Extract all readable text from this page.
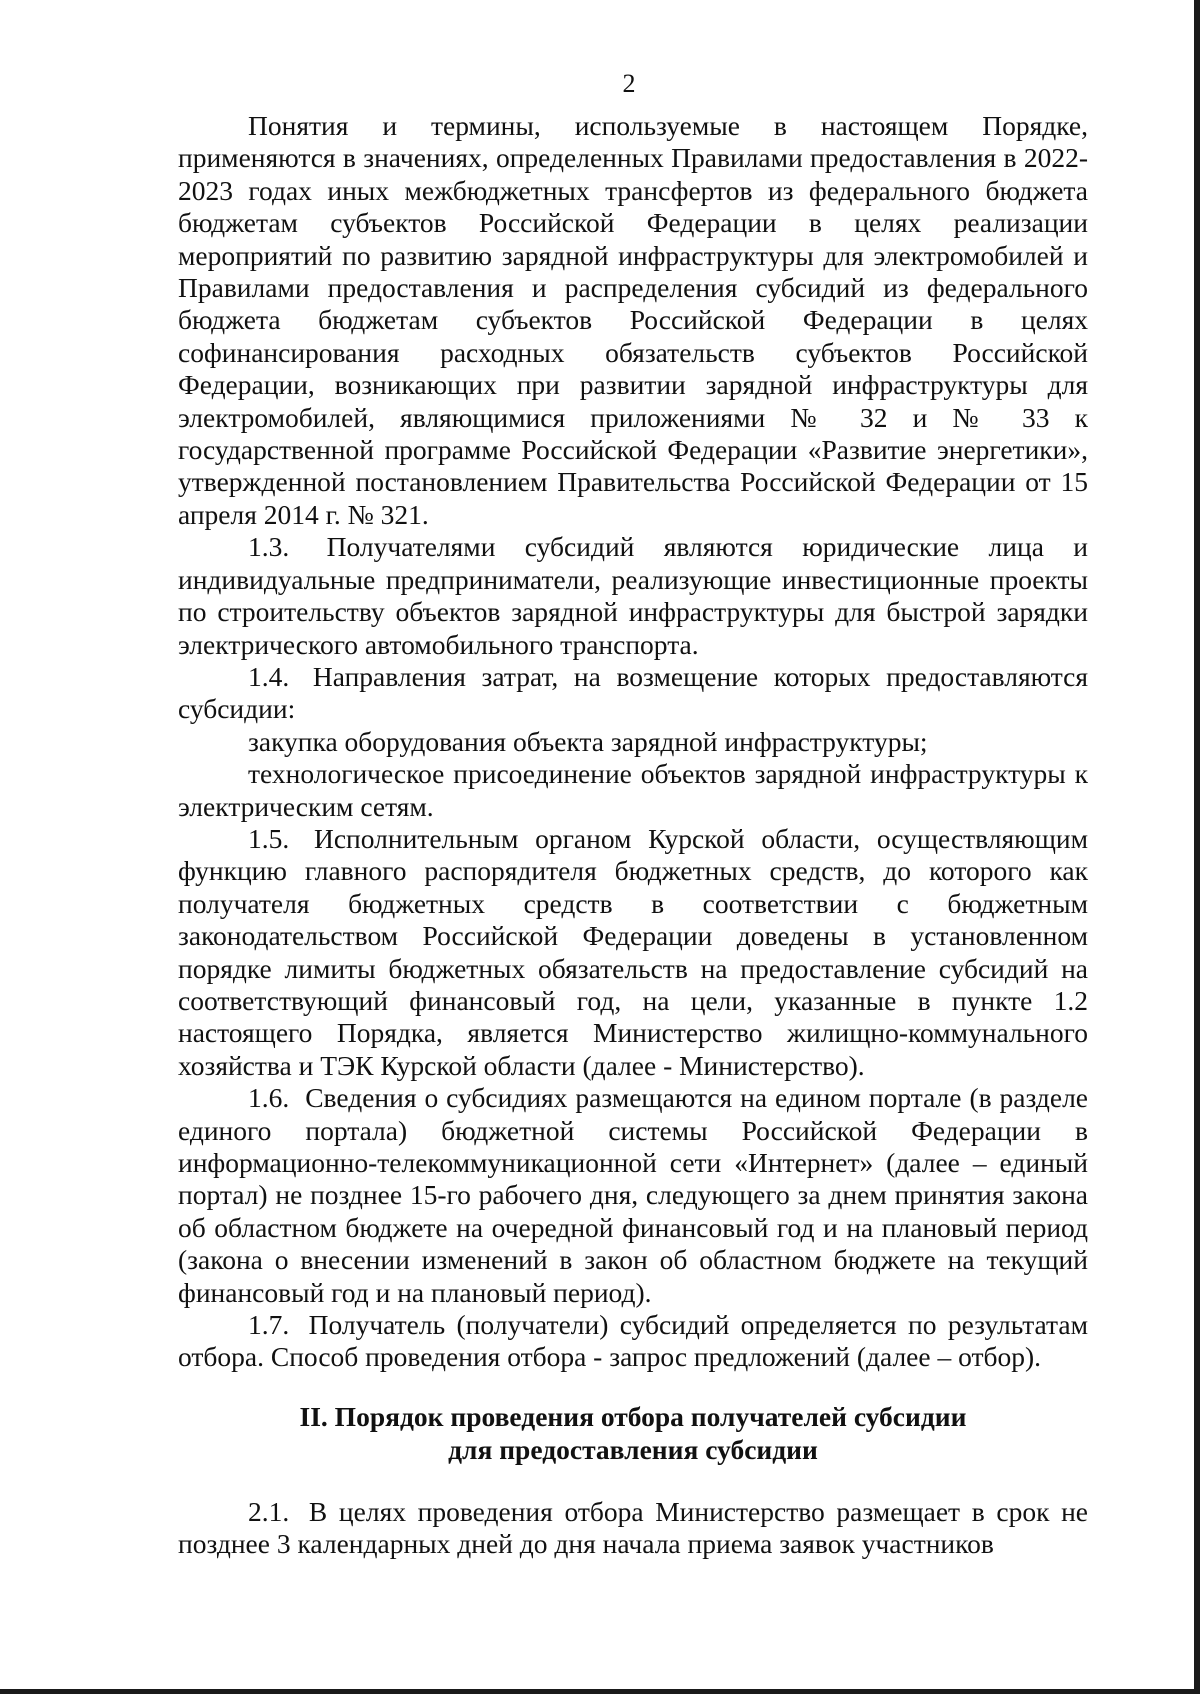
2

Понятия и термины, используемые в настоящем Порядке, применяются в значениях, определенных Правилами предоставления в 2022-2023 годах иных межбюджетных трансфертов из федерального бюджета бюджетам субъектов Российской Федерации в целях реализации мероприятий по развитию зарядной инфраструктуры для электромобилей и Правилами предоставления и распределения субсидий из федерального бюджета бюджетам субъектов Российской Федерации в целях софинансирования расходных обязательств субъектов Российской Федерации, возникающих при развитии зарядной инфраструктуры для электромобилей, являющимися приложениями № 32 и № 33 к государственной программе Российской Федерации «Развитие энергетики», утвержденной постановлением Правительства Российской Федерации от 15 апреля 2014 г. № 321.

1.3. Получателями субсидий являются юридические лица и индивидуальные предприниматели, реализующие инвестиционные проекты по строительству объектов зарядной инфраструктуры для быстрой зарядки электрического автомобильного транспорта.

1.4. Направления затрат, на возмещение которых предоставляются субсидии:

закупка оборудования объекта зарядной инфраструктуры;

технологическое присоединение объектов зарядной инфраструктуры к электрическим сетям.

1.5. Исполнительным органом Курской области, осуществляющим функцию главного распорядителя бюджетных средств, до которого как получателя бюджетных средств в соответствии с бюджетным законодательством Российской Федерации доведены в установленном порядке лимиты бюджетных обязательств на предоставление субсидий на соответствующий финансовый год, на цели, указанные в пункте 1.2 настоящего Порядка, является Министерство жилищно-коммунального хозяйства и ТЭК Курской области (далее - Министерство).

1.6. Сведения о субсидиях размещаются на едином портале (в разделе единого портала) бюджетной системы Российской Федерации в информационно-телекоммуникационной сети «Интернет» (далее – единый портал) не позднее 15-го рабочего дня, следующего за днем принятия закона об областном бюджете на очередной финансовый год и на плановый период (закона о внесении изменений в закон об областном бюджете на текущий финансовый год и на плановый период).

1.7. Получатель (получатели) субсидий определяется по результатам отбора. Способ проведения отбора - запрос предложений (далее – отбор).

II. Порядок проведения отбора получателей субсидии
для предоставления субсидии

2.1. В целях проведения отбора Министерство размещает в срок не позднее 3 календарных дней до дня начала приема заявок участников
